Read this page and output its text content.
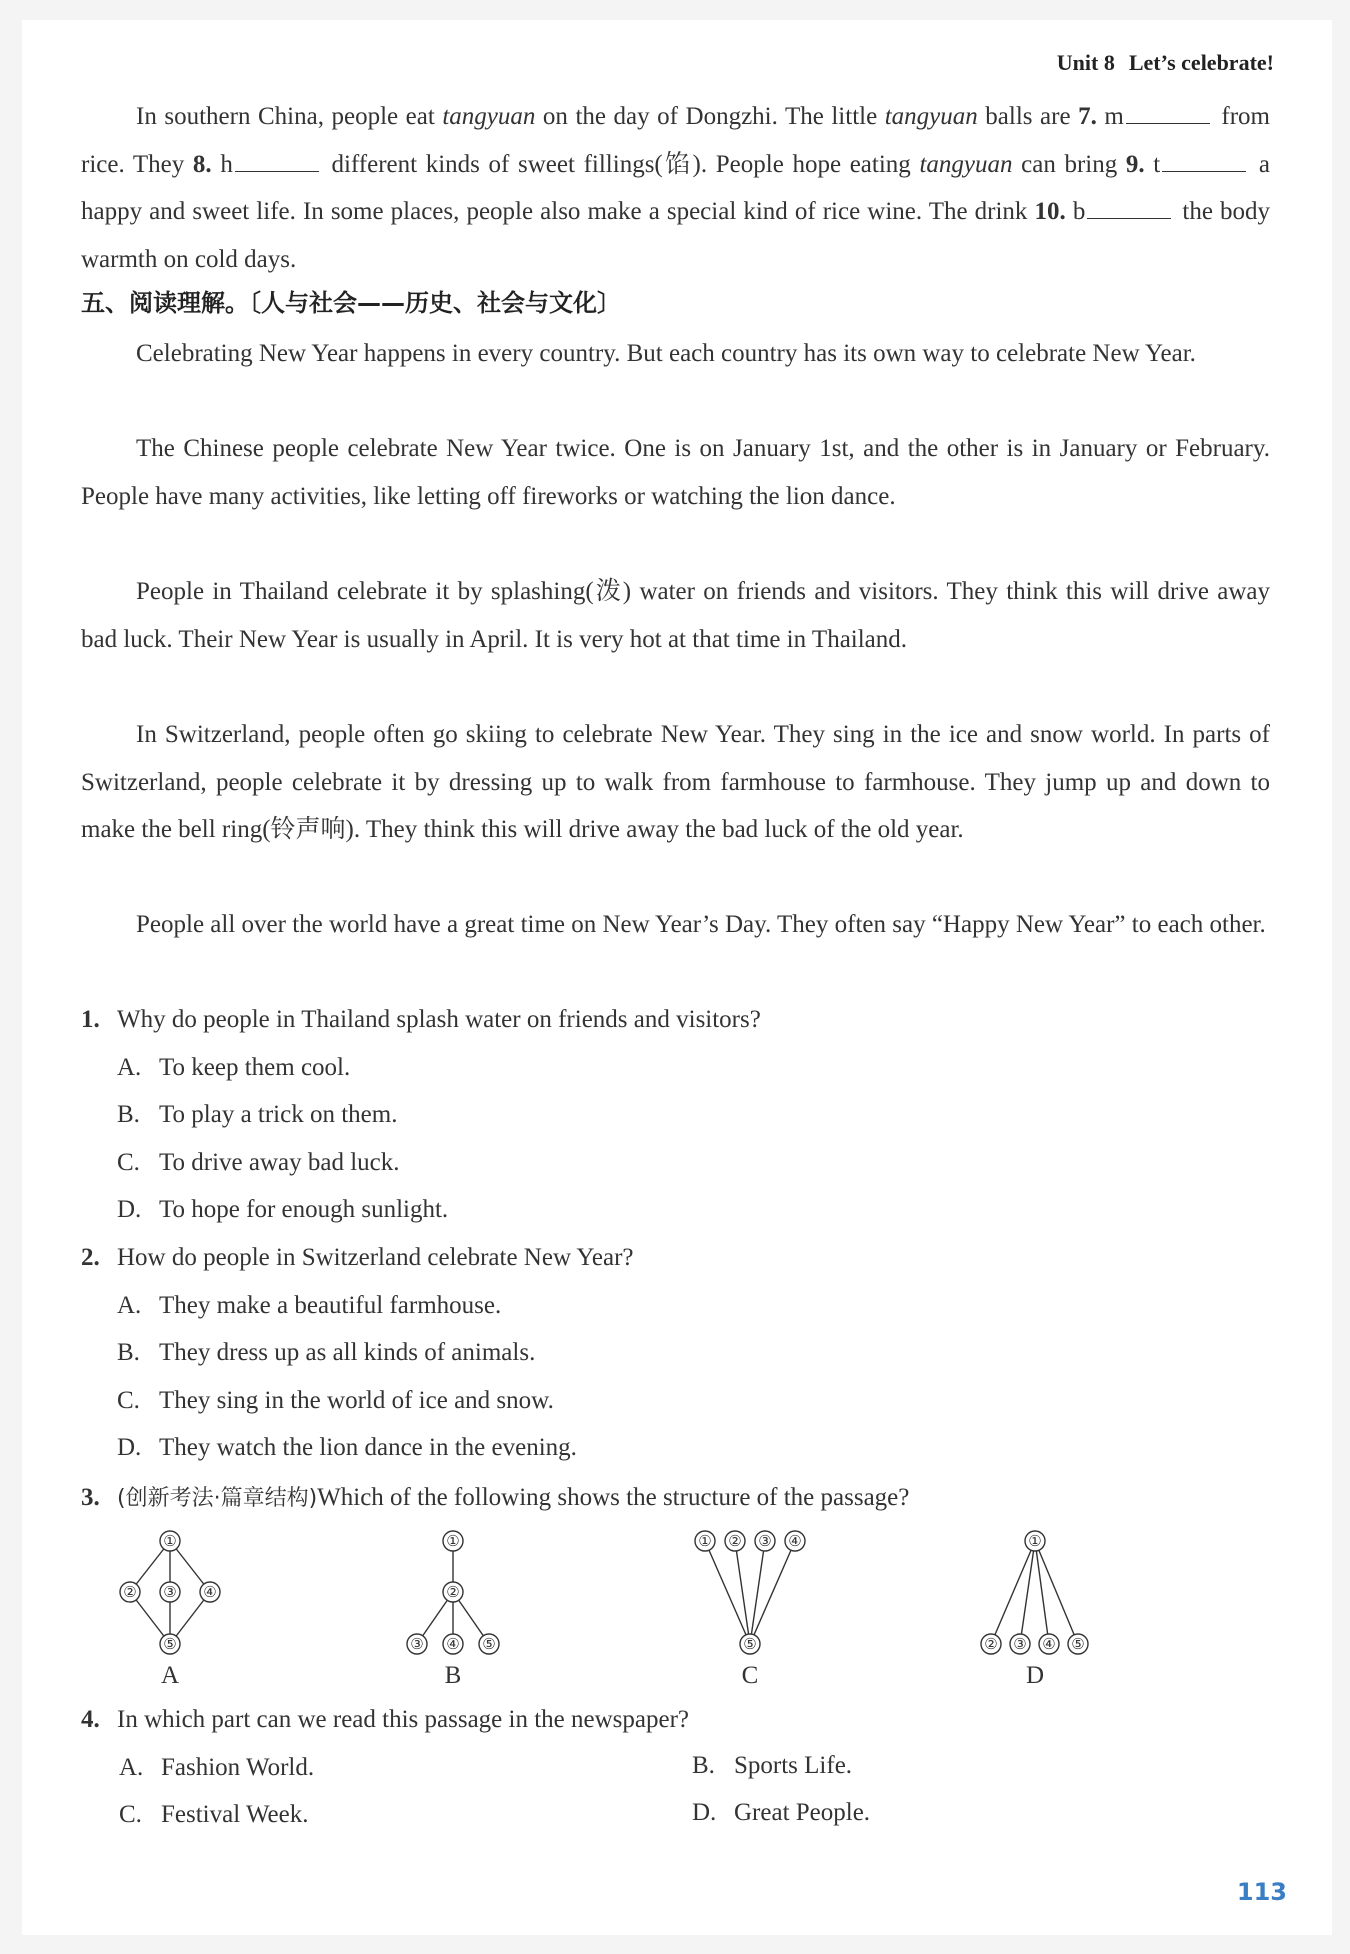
Unit 8 Let’s celebrate!
In southern China, people eat tangyuan on the day of Dongzhi. The little tangyuan balls are 7. m	from rice. They 8. h	different kinds of sweet fillings(馅). People hope eating tangyuan can bring 9. t	a happy and sweet life. In some places, people also make a special kind of rice wine. The drink 10. b	the body warmth on cold days.
五、阅读理解。〔人与社会——历史、社会与文化〕
Celebrating New Year happens in every country. But each country has its own way to celebrate New Year.
The Chinese people celebrate New Year twice. One is on January 1st, and the other is in January or February. People have many activities, like letting off fireworks or watching the lion dance.
People in Thailand celebrate it by splashing(泼) water on friends and visitors. They think this will drive away bad luck. Their New Year is usually in April. It is very hot at that time in Thailand.
In Switzerland, people often go skiing to celebrate New Year. They sing in the ice and snow world. In parts of Switzerland, people celebrate it by dressing up to walk from farmhouse to farmhouse. They jump up and down to make the bell ring(铃声响). They think this will drive away the bad luck of the old year.
People all over the world have a great time on New Year’s Day. They often say “Happy New Year” to each other.
1. Why do people in Thailand splash water on friends and visitors?
A. To keep them cool.
B. To play a trick on them.
C. To drive away bad luck.
D. To hope for enough sunlight.
2. How do people in Switzerland celebrate New Year?
A. They make a beautiful farmhouse.
B. They dress up as all kinds of animals.
C. They sing in the world of ice and snow.
D. They watch the lion dance in the evening.
3. (创新考法·篇章结构)Which of the following shows the structure of the passage?
①
② ③ ④
⑤
A
①
②
③ ④ ⑤
B
① ② ③ ④
⑤
C
①
② ③ ④ ⑤
D
4. In which part can we read this passage in the newspaper?
A. Fashion World.	B. Sports Life.
C. Festival Week.	D. Great People.
113
